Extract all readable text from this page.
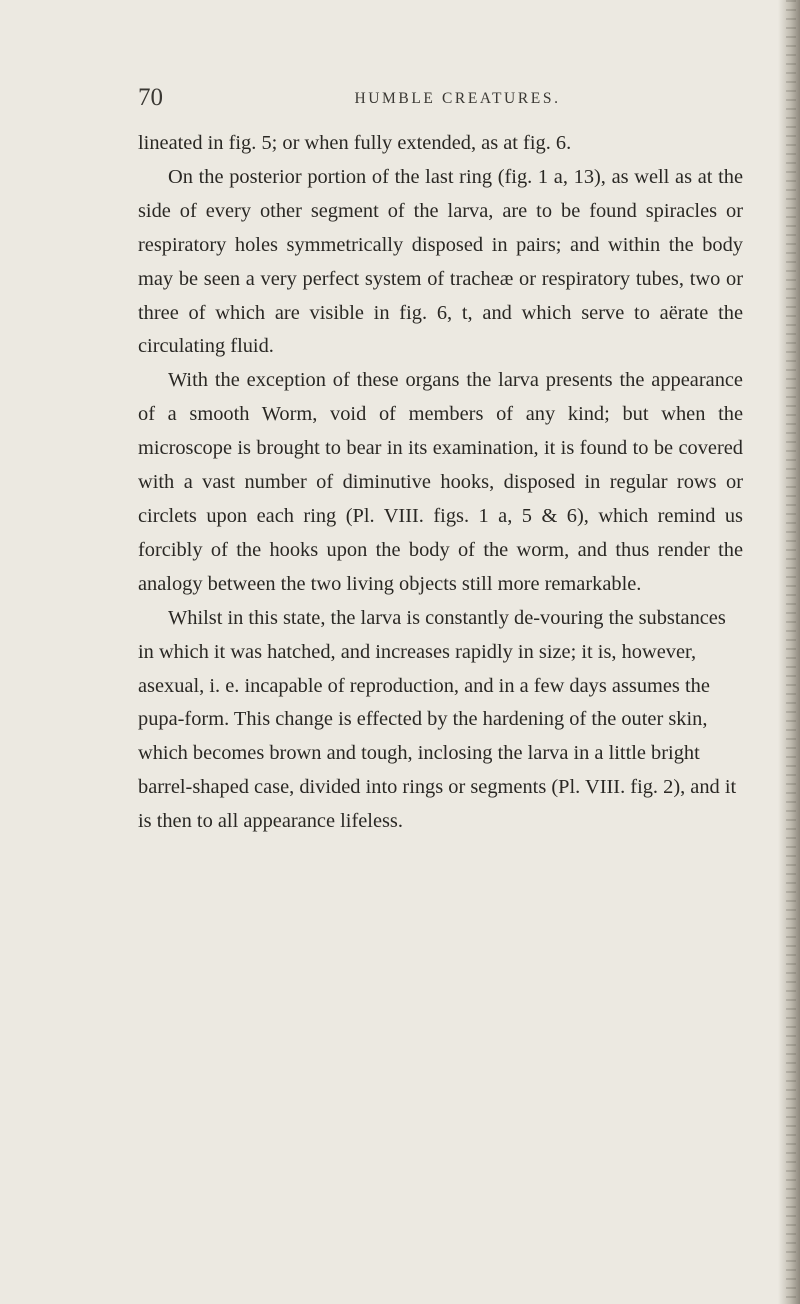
70	HUMBLE CREATURES.

lineated in fig. 5; or when fully extended, as at fig. 6.

On the posterior portion of the last ring (fig. 1 a, 13), as well as at the side of every other segment of the larva, are to be found spiracles or respiratory holes symmetrically disposed in pairs; and within the body may be seen a very perfect system of tracheæ or respiratory tubes, two or three of which are visible in fig. 6, t, and which serve to aërate the circulating fluid.

With the exception of these organs the larva presents the appearance of a smooth Worm, void of members of any kind; but when the microscope is brought to bear in its examination, it is found to be covered with a vast number of diminutive hooks, disposed in regular rows or circlets upon each ring (Pl. VIII. figs. 1 a, 5 & 6), which remind us forcibly of the hooks upon the body of the worm, and thus render the analogy between the two living objects still more remarkable.

Whilst in this state, the larva is constantly de-vouring the substances in which it was hatched, and increases rapidly in size; it is, however, asexual, i. e. incapable of reproduction, and in a few days assumes the pupa-form. This change is effected by the hardening of the outer skin, which becomes brown and tough, inclosing the larva in a little bright barrel-shaped case, divided into rings or segments (Pl. VIII. fig. 2), and it is then to all appearance lifeless.
